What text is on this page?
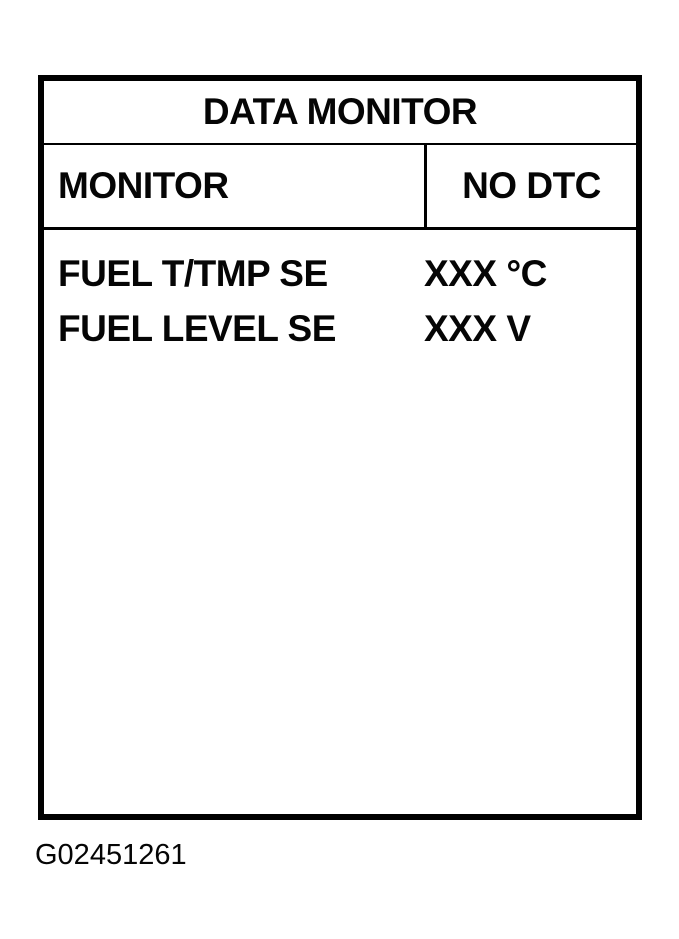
DATA MONITOR
MONITOR	NO DTC
FUEL T/TMP SE	XXX °C
FUEL LEVEL SE	XXX V
G02451261
